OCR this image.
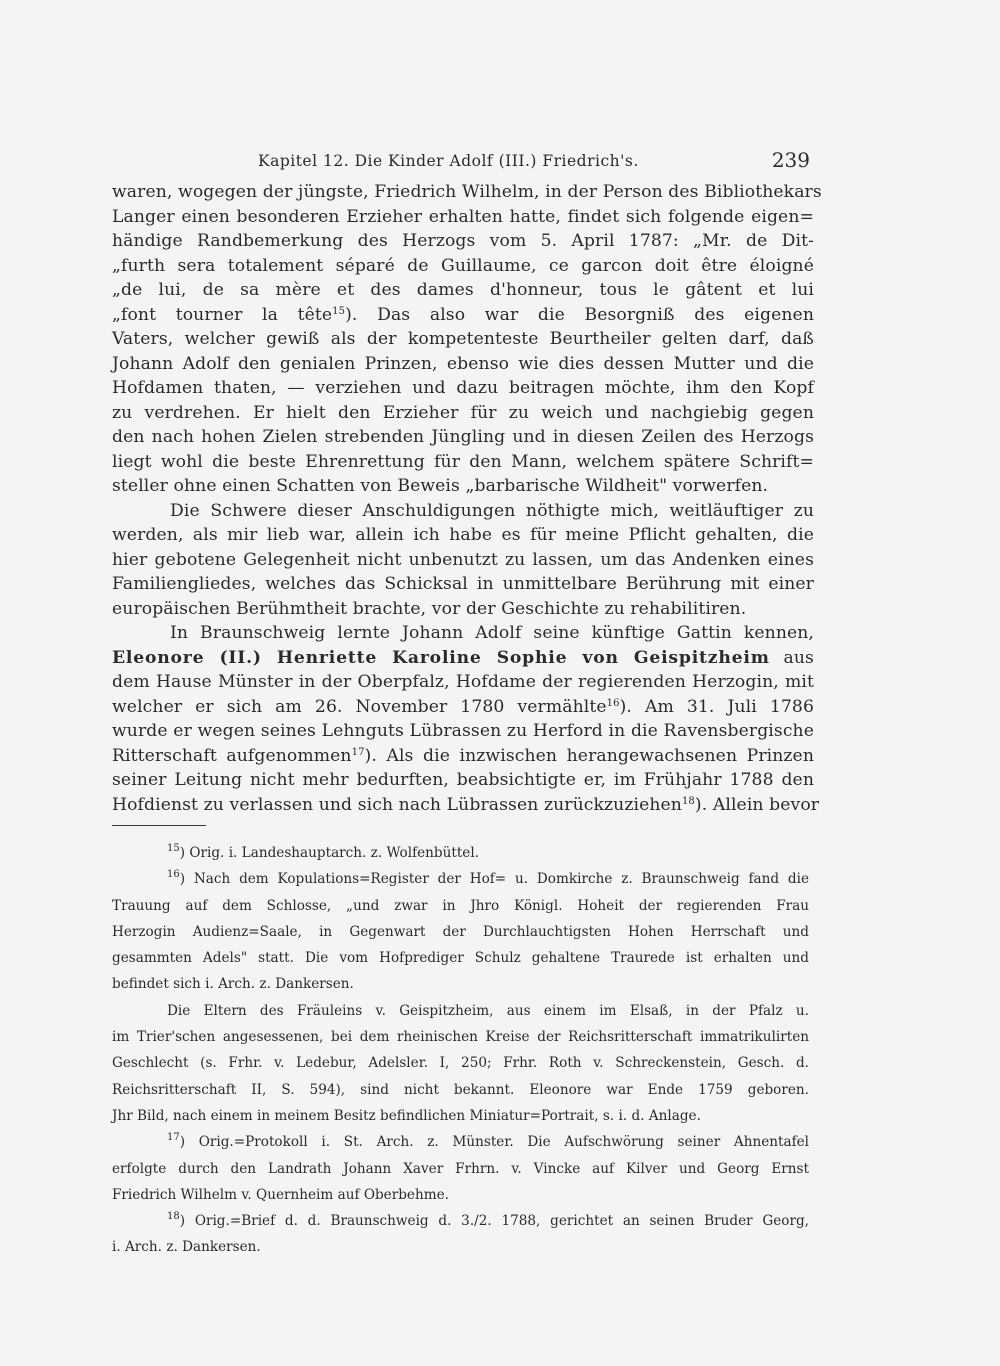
Kapitel 12. Die Kinder Adolf (III.) Friedrich's.	239
waren, wogegen der jüngste, Friedrich Wilhelm, in der Person des Bibliothekars
Langer einen besonderen Erzieher erhalten hatte, findet sich folgende eigen=
händige Randbemerkung des Herzogs vom 5. April 1787: „Mr. de Dit-
„furth sera totalement séparé de Guillaume, ce garcon doit être éloigné
„de lui, de sa mère et des dames d'honneur, tous le gâtent et lui
„font tourner la tête$^{15}$). Das also war die Besorgniß des eigenen
Vaters, welcher gewiß als der kompetenteste Beurtheiler gelten darf, daß
Johann Adolf den genialen Prinzen, ebenso wie dies dessen Mutter und die
Hofdamen thaten, — verziehen und dazu beitragen möchte, ihm den Kopf
zu verdrehen. Er hielt den Erzieher für zu weich und nachgiebig gegen
den nach hohen Zielen strebenden Jüngling und in diesen Zeilen des Herzogs
liegt wohl die beste Ehrenrettung für den Mann, welchem spätere Schrift=
steller ohne einen Schatten von Beweis „barbarische Wildheit" vorwerfen.
Die Schwere dieser Anschuldigungen nöthigte mich, weitläuftiger zu
werden, als mir lieb war, allein ich habe es für meine Pflicht gehalten, die
hier gebotene Gelegenheit nicht unbenutzt zu lassen, um das Andenken eines
Familiengliedes, welches das Schicksal in unmittelbare Berührung mit einer
europäischen Berühmtheit brachte, vor der Geschichte zu rehabilitiren.
In Braunschweig lernte Johann Adolf seine künftige Gattin kennen,
Eleonore (II.) Henriette Karoline Sophie von Geispitzheim aus
dem Hause Münster in der Oberpfalz, Hofdame der regierenden Herzogin, mit
welcher er sich am 26. November 1780 vermählte$^{16}$). Am 31. Juli 1786
wurde er wegen seines Lehnguts Lübrassen zu Herford in die Ravensbergische
Ritterschaft aufgenommen$^{17}$). Als die inzwischen herangewachsenen Prinzen
seiner Leitung nicht mehr bedurften, beabsichtigte er, im Frühjahr 1788 den
Hofdienst zu verlassen und sich nach Lübrassen zurückzuziehen$^{18}$). Allein bevor
$^{15}$) Orig. i. Landeshauptarch. z. Wolfenbüttel.
$^{16}$) Nach dem Kopulations=Register der Hof= u. Domkirche z. Braunschweig fand die
Trauung auf dem Schlosse, „und zwar in Jhro Königl. Hoheit der regierenden Frau
Herzogin Audienz=Saale, in Gegenwart der Durchlauchtigsten Hohen Herrschaft und
gesammten Adels" statt. Die vom Hofprediger Schulz gehaltene Traurede ist erhalten und
befindet sich i. Arch. z. Dankersen.
Die Eltern des Fräuleins v. Geispitzheim, aus einem im Elsaß, in der Pfalz u.
im Trier'schen angesessenen, bei dem rheinischen Kreise der Reichsritterschaft immatrikulirten
Geschlecht (s. Frhr. v. Ledebur, Adelsler. I, 250; Frhr. Roth v. Schreckenstein, Gesch. d.
Reichsritterschaft II, S. 594), sind nicht bekannt. Eleonore war Ende 1759 geboren.
Jhr Bild, nach einem in meinem Besitz befindlichen Miniatur=Portrait, s. i. d. Anlage.
$^{17}$) Orig.=Protokoll i. St. Arch. z. Münster. Die Aufschwörung seiner Ahnentafel
erfolgte durch den Landrath Johann Xaver Frhrn. v. Vincke auf Kilver und Georg Ernst
Friedrich Wilhelm v. Quernheim auf Oberbehme.
$^{18}$) Orig.=Brief d. d. Braunschweig d. 3./2. 1788, gerichtet an seinen Bruder Georg,
i. Arch. z. Dankersen.
